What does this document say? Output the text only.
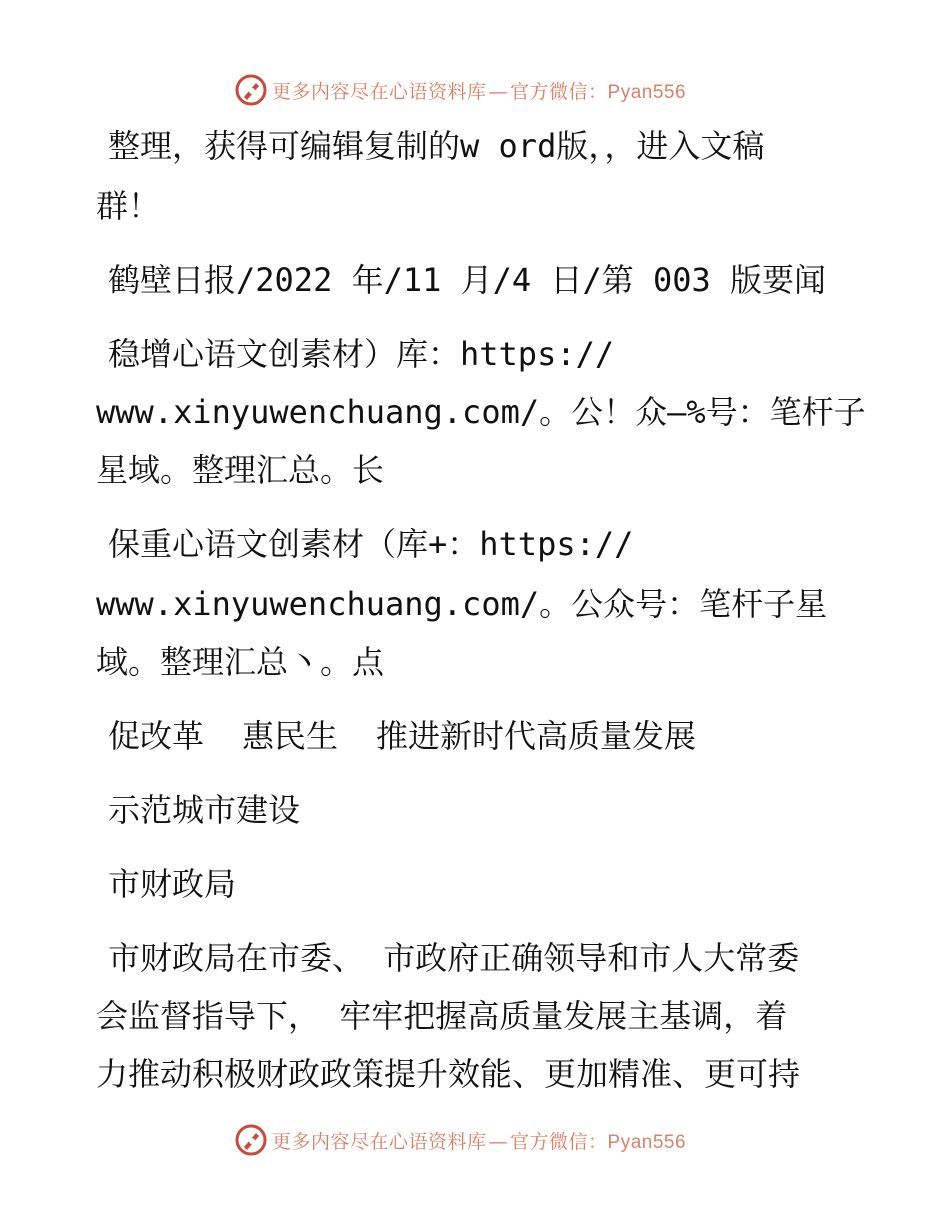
更多内容尽在心语资料库 — 官方微信：Pyan556
整理，获得可编辑复制的w ord版，，进入文稿
群！
鹤壁日报/2022 年/11 月/4 日/第 003 版要闻
稳增心语文创素材）库：https://
www.xinyuwenchuang.com/。公！众—%号：笔杆子
星域。整理汇总。长
保重心语文创素材（库+：https://
www.xinyuwenchuang.com/。公众号：笔杆子星
域。整理汇总丶。点
促改革 惠民生 推进新时代高质量发展
示范城市建设
市财政局
市财政局在市委、 市政府正确领导和市人大常委
会监督指导下， 牢牢把握高质量发展主基调，着
力推动积极财政政策提升效能、更加精准、更可持
更多内容尽在心语资料库 — 官方微信：Pyan556
